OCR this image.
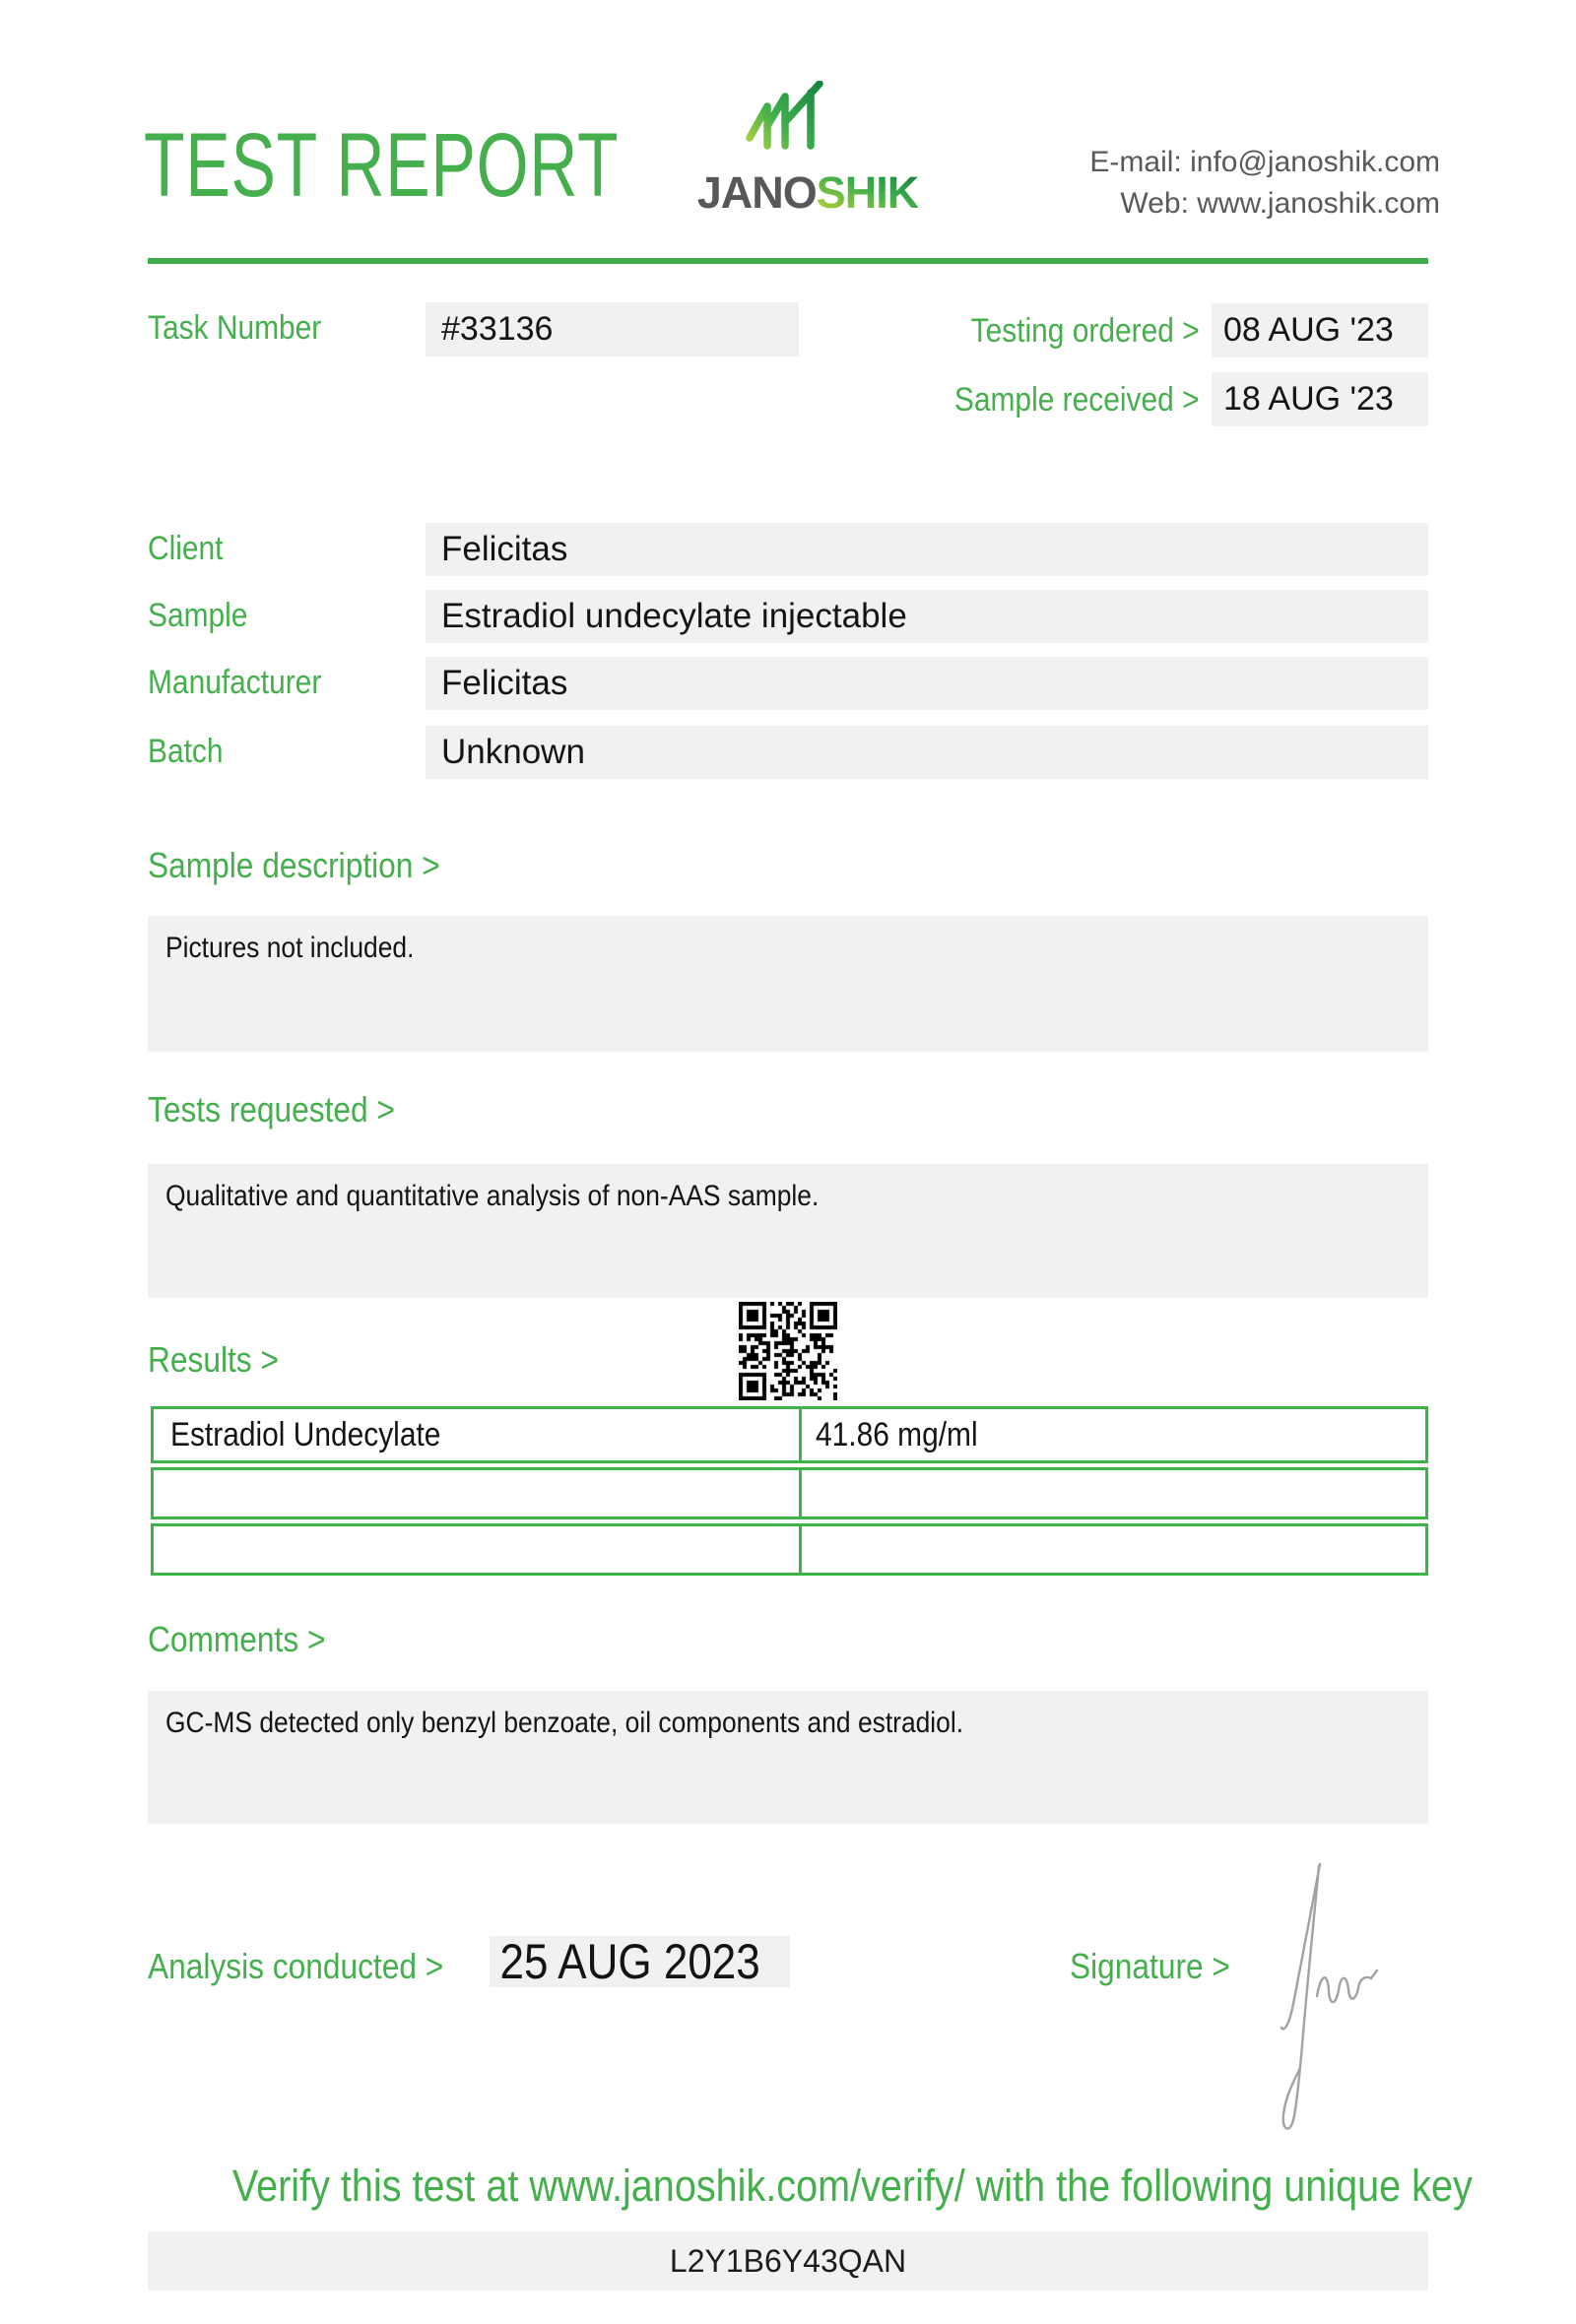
TEST REPORT	JANOSHIK
E-mail: info@janoshik.com
Web: www.janoshik.com
Task Number	#33136	Testing ordered > 08 AUG '23
Sample received > 18 AUG '23
Client	Felicitas
Sample	Estradiol undecylate injectable
Manufacturer	Felicitas
Batch	Unknown
Sample description >
Pictures not included.
Tests requested >
Qualitative and quantitative analysis of non-AAS sample.
Results >
Estradiol Undecylate	41.86 mg/ml
Comments >
GC-MS detected only benzyl benzoate, oil components and estradiol.
Analysis conducted >	25 AUG 2023	Signature >
Verify this test at www.janoshik.com/verify/ with the following unique key
L2Y1B6Y43QAN
